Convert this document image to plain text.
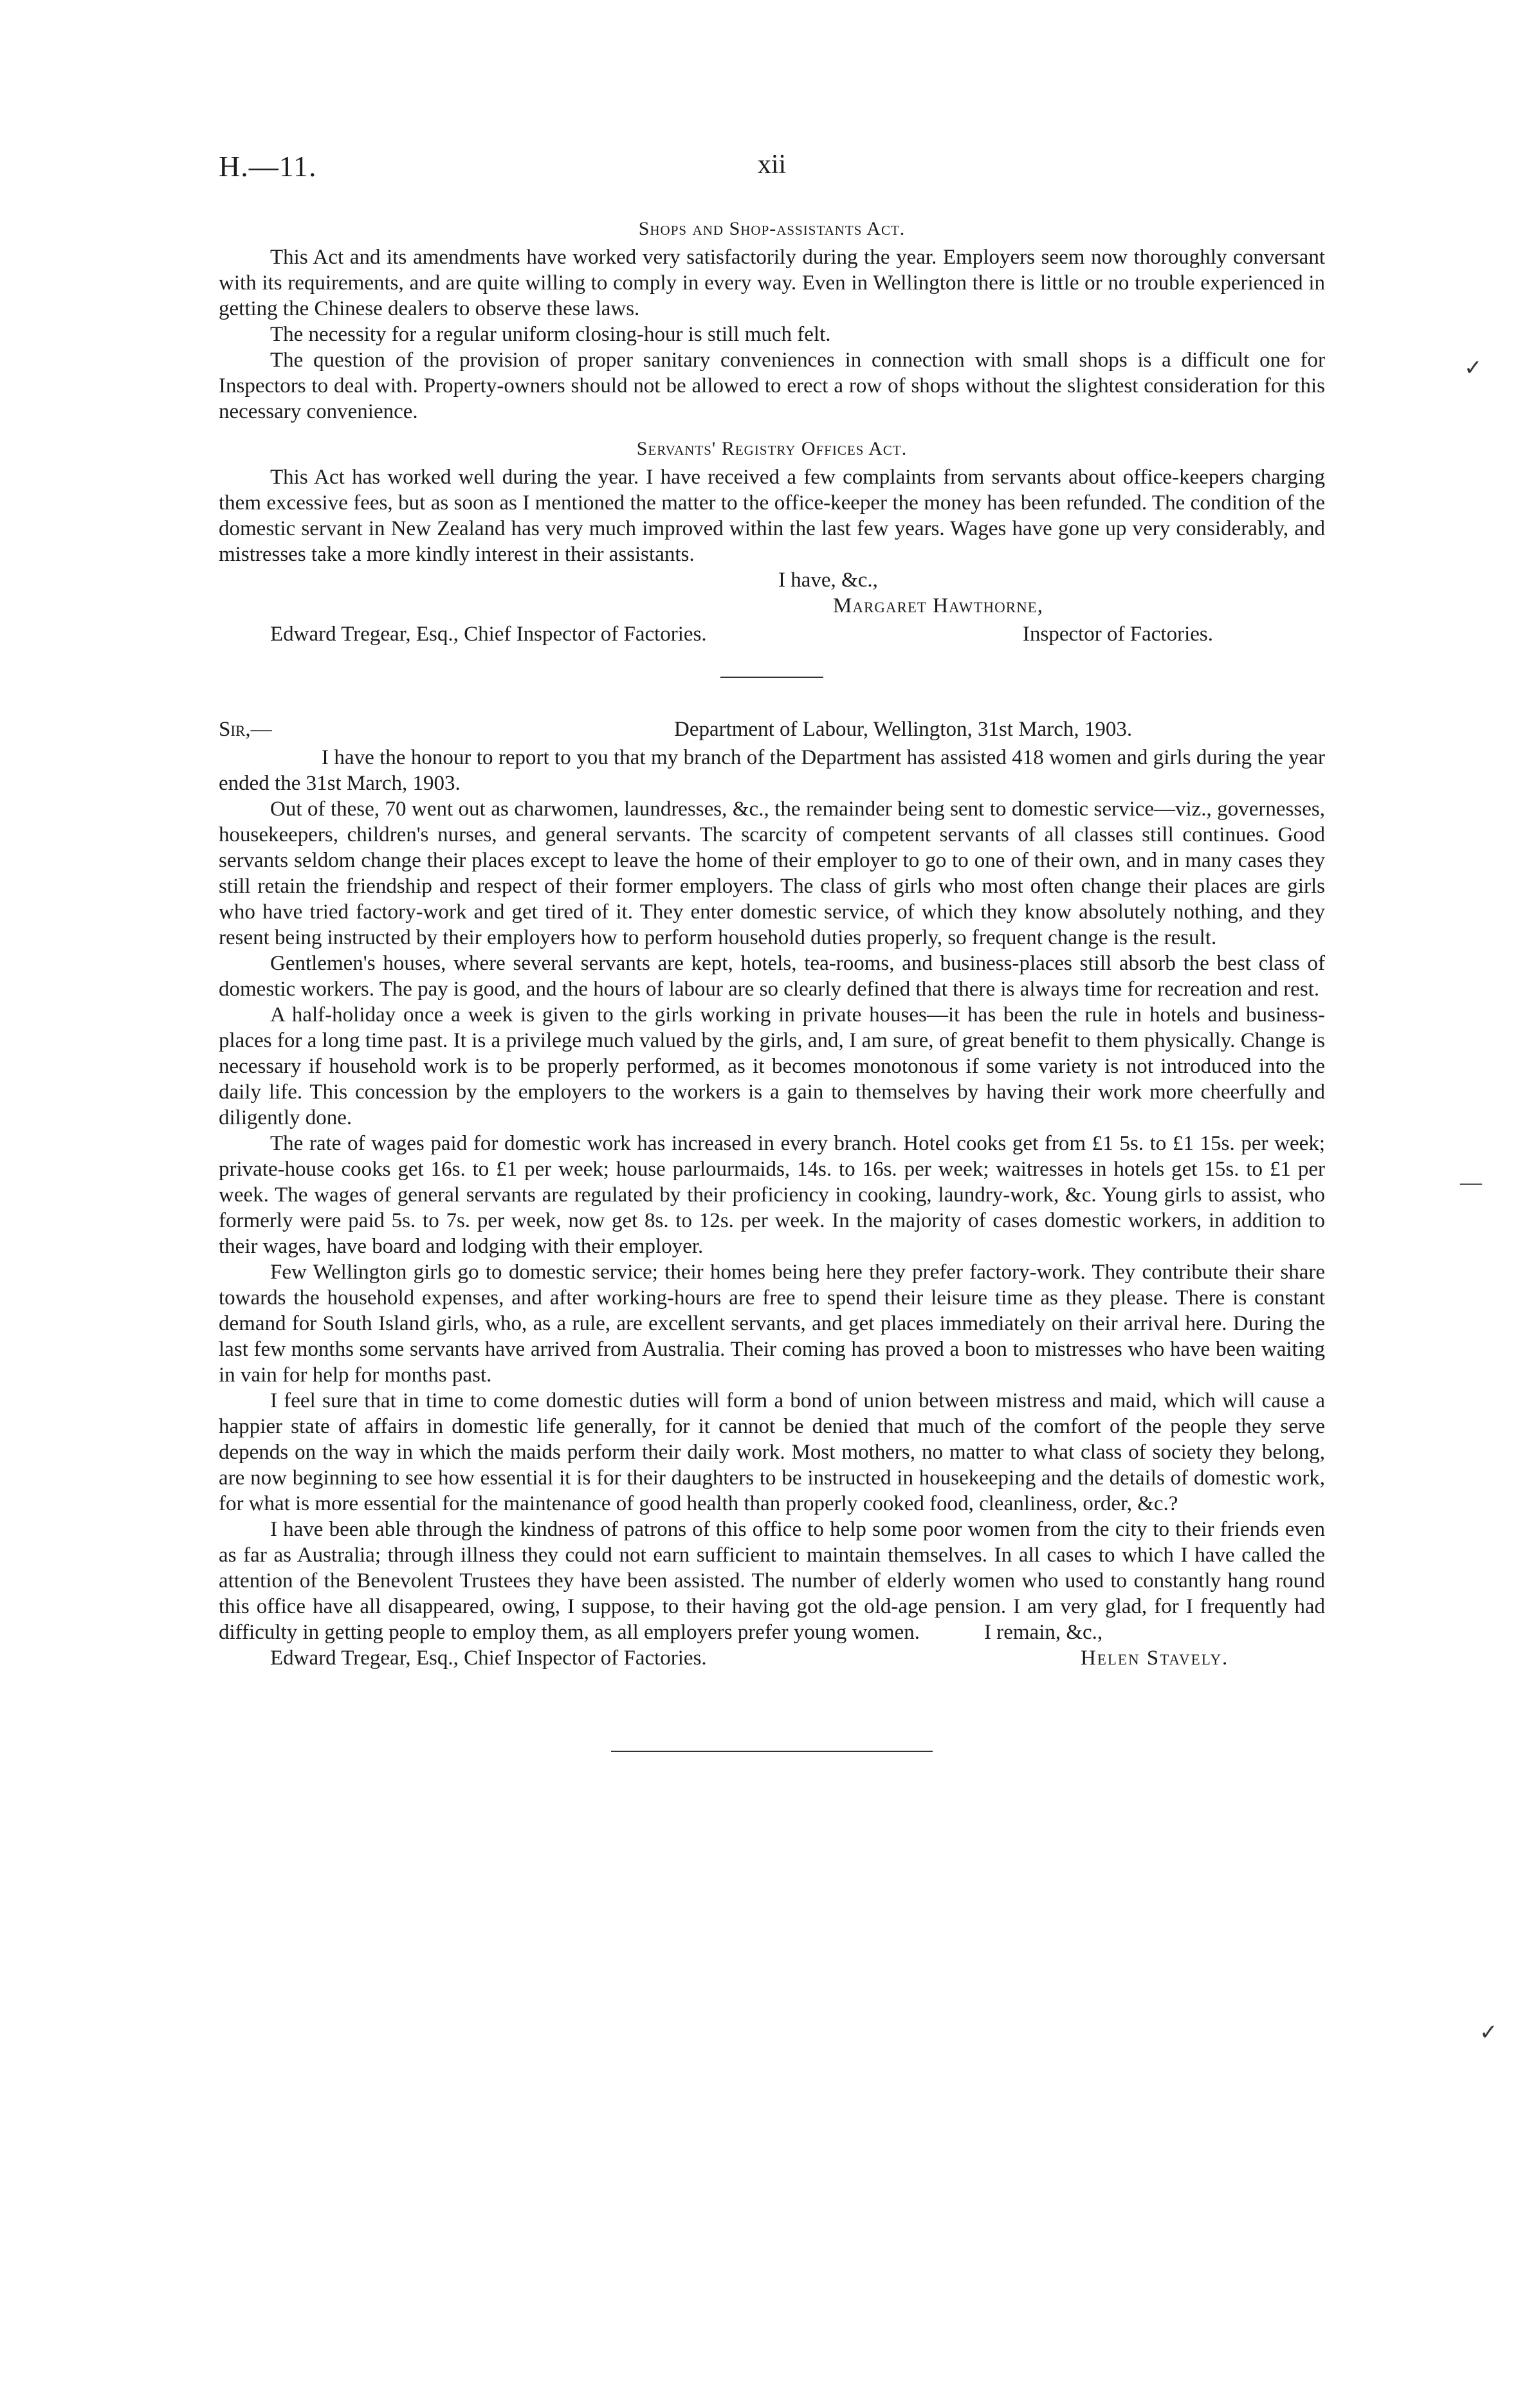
H.—11.	xii
Shops and Shop-assistants Act.

This Act and its amendments have worked very satisfactorily during the year. Employers seem now thoroughly conversant with its requirements, and are quite willing to comply in every way. Even in Wellington there is little or no trouble experienced in getting the Chinese dealers to observe these laws.

The necessity for a regular uniform closing-hour is still much felt.

The question of the provision of proper sanitary conveniences in connection with small shops is a difficult one for Inspectors to deal with. Property-owners should not be allowed to erect a row of shops without the slightest consideration for this necessary convenience.

Servants' Registry Offices Act.

This Act has worked well during the year. I have received a few complaints from servants about office-keepers charging them excessive fees, but as soon as I mentioned the matter to the office-keeper the money has been refunded. The condition of the domestic servant in New Zealand has very much improved within the last few years. Wages have gone up very considerably, and mistresses take a more kindly interest in their assistants.

I have, &c.,
Margaret Hawthorne,
Edward Tregear, Esq., Chief Inspector of Factories.	Inspector of Factories.
Sir,—	Department of Labour, Wellington, 31st March, 1903.

I have the honour to report to you that my branch of the Department has assisted 418 women and girls during the year ended the 31st March, 1903.

Out of these, 70 went out as charwomen, laundresses, &c., the remainder being sent to domestic service—viz., governesses, housekeepers, children's nurses, and general servants. The scarcity of competent servants of all classes still continues. Good servants seldom change their places except to leave the home of their employer to go to one of their own, and in many cases they still retain the friendship and respect of their former employers. The class of girls who most often change their places are girls who have tried factory-work and get tired of it. They enter domestic service, of which they know absolutely nothing, and they resent being instructed by their employers how to perform household duties properly, so frequent change is the result.

Gentlemen's houses, where several servants are kept, hotels, tea-rooms, and business-places still absorb the best class of domestic workers. The pay is good, and the hours of labour are so clearly defined that there is always time for recreation and rest.

A half-holiday once a week is given to the girls working in private houses—it has been the rule in hotels and business-places for a long time past. It is a privilege much valued by the girls, and, I am sure, of great benefit to them physically. Change is necessary if household work is to be properly performed, as it becomes monotonous if some variety is not introduced into the daily life. This concession by the employers to the workers is a gain to themselves by having their work more cheerfully and diligently done.

The rate of wages paid for domestic work has increased in every branch. Hotel cooks get from £1 5s. to £1 15s. per week; private-house cooks get 16s. to £1 per week; house parlourmaids, 14s. to 16s. per week; waitresses in hotels get 15s. to £1 per week. The wages of general servants are regulated by their proficiency in cooking, laundry-work, &c. Young girls to assist, who formerly were paid 5s. to 7s. per week, now get 8s. to 12s. per week. In the majority of cases domestic workers, in addition to their wages, have board and lodging with their employer.

Few Wellington girls go to domestic service; their homes being here they prefer factory-work. They contribute their share towards the household expenses, and after working-hours are free to spend their leisure time as they please. There is constant demand for South Island girls, who, as a rule, are excellent servants, and get places immediately on their arrival here. During the last few months some servants have arrived from Australia. Their coming has proved a boon to mistresses who have been waiting in vain for help for months past.

I feel sure that in time to come domestic duties will form a bond of union between mistress and maid, which will cause a happier state of affairs in domestic life generally, for it cannot be denied that much of the comfort of the people they serve depends on the way in which the maids perform their daily work. Most mothers, no matter to what class of society they belong, are now beginning to see how essential it is for their daughters to be instructed in housekeeping and the details of domestic work, for what is more essential for the maintenance of good health than properly cooked food, cleanliness, order, &c.?

I have been able through the kindness of patrons of this office to help some poor women from the city to their friends even as far as Australia; through illness they could not earn sufficient to maintain themselves. In all cases to which I have called the attention of the Benevolent Trustees they have been assisted. The number of elderly women who used to constantly hang round this office have all disappeared, owing, I suppose, to their having got the old-age pension. I am very glad, for I frequently had difficulty in getting people to employ them, as all employers prefer young women.	I remain, &c.,
Edward Tregear, Esq., Chief Inspector of Factories.	Helen Stavely.
✓
—
✓
